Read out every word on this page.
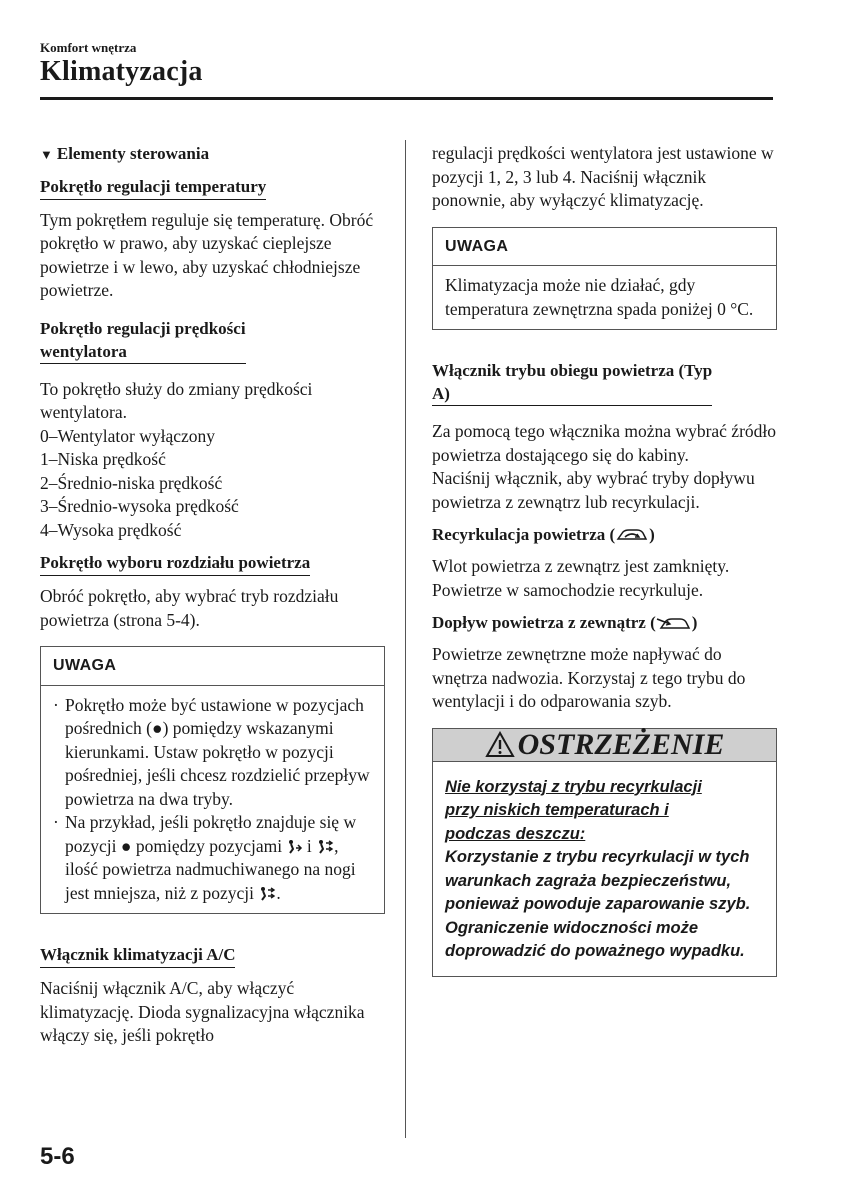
Komfort wnętrza
Klimatyzacja
▼ Elementy sterowania
Pokrętło regulacji temperatury

Tym pokrętłem reguluje się temperaturę. Obróć pokrętło w prawo, aby uzyskać cieplejsze powietrze i w lewo, aby uzyskać chłodniejsze powietrze.

Pokrętło regulacji prędkości
wentylatora

To pokrętło służy do zmiany prędkości wentylatora.

0–Wentylator wyłączony

1–Niska prędkość

2–Średnio-niska prędkość

3–Średnio-wysoka prędkość

4–Wysoka prędkość

Pokrętło wyboru rozdziału powietrza

Obróć pokrętło, aby wybrać tryb rozdziału powietrza (strona 5-4).

UWAGA
· Pokrętło może być ustawione w pozycjach pośrednich (●) pomiędzy wskazanymi kierunkami. Ustaw pokrętło w pozycji pośredniej, jeśli chcesz rozdzielić przepływ powietrza na dwa tryby.
· Na przykład, jeśli pokrętło znajduje się w pozycji ● pomiędzy pozycjami i , ilość powietrza nadmuchiwanego na nogi jest mniejsza, niż z pozycji .
Włącznik klimatyzacji A/C

Naciśnij włącznik A/C, aby włączyć klimatyzację. Dioda sygnalizacyjna włącznika włączy się, jeśli pokrętło

regulacji prędkości wentylatora jest ustawione w pozycji 1, 2, 3 lub 4. Naciśnij włącznik ponownie, aby wyłączyć klimatyzację.

UWAGA
Klimatyzacja może nie działać, gdy temperatura zewnętrzna spada poniżej 0 °C.
Włącznik trybu obiegu powietrza (Typ
A)

Za pomocą tego włącznika można wybrać źródło powietrza dostającego się do kabiny.

Naciśnij włącznik, aby wybrać tryby dopływu powietrza z zewnątrz lub recyrkulacji.

Recyrkulacja powietrza ( )

Wlot powietrza z zewnątrz jest zamknięty. Powietrze w samochodzie recyrkuluje.

Dopływ powietrza z zewnątrz ( )

Powietrze zewnętrzne może napływać do wnętrza nadwozia. Korzystaj z tego trybu do wentylacji i do odparowania szyb.

OSTRZEŻENIE
Nie korzystaj z trybu recyrkulacji
przy niskich temperaturach i
podczas deszczu:
Korzystanie z trybu recyrkulacji w tych warunkach zagraża bezpieczeństwu, ponieważ powoduje zaparowanie szyb. Ograniczenie widoczności może doprowadzić do poważnego wypadku.
5-6
